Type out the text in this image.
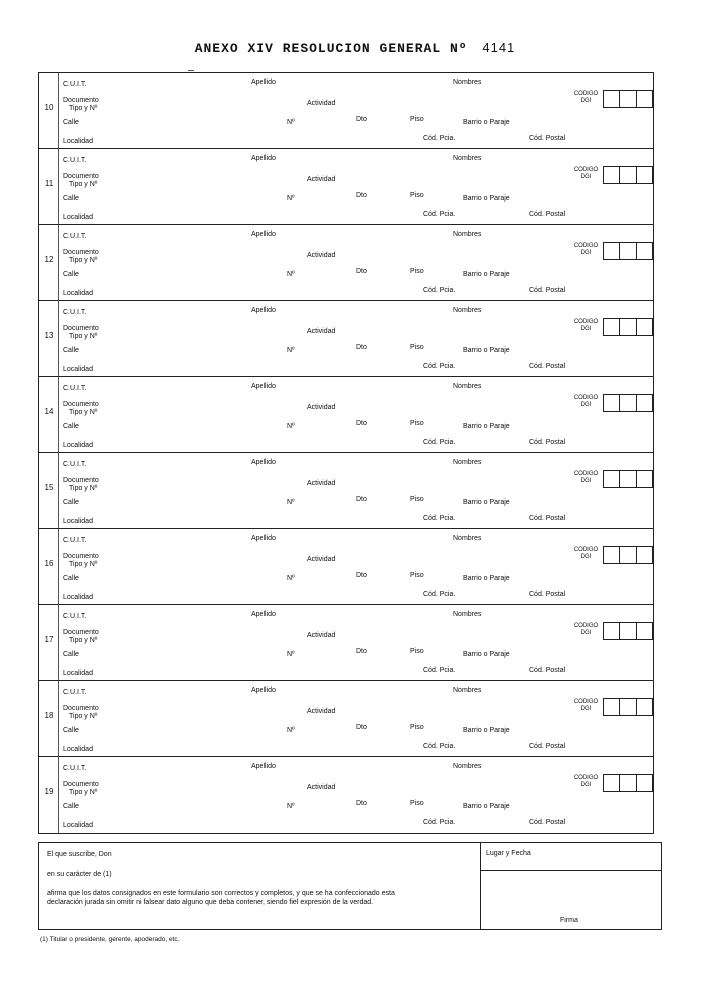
ANEXO XIV RESOLUCION GENERAL Nº 4141
10
C.U.I.T.	Apellido	Nombres
Documento
Tipo y Nº
Actividad
Calle	Nº	Dto	Piso	Barrio o Paraje
Localidad	Cód. Pcia.	Cód. Postal
CODIGO
DGI
11
C.U.I.T.	Apellido	Nombres
Documento
Tipo y Nº
Actividad
Calle	Nº	Dto	Piso	Barrio o Paraje
Localidad	Cód. Pcia.	Cód. Postal
CODIGO
DGI
12
C.U.I.T.	Apellido	Nombres
Documento
Tipo y Nº
Actividad
Calle	Nº	Dto	Piso	Barrio o Paraje
Localidad	Cód. Pcia.	Cód. Postal
CODIGO
DGI
13
C.U.I.T.	Apellido	Nombres
Documento
Tipo y Nº
Actividad
Calle	Nº	Dto	Piso	Barrio o Paraje
Localidad	Cód. Pcia.	Cód. Postal
CODIGO
DGI
14
C.U.I.T.	Apellido	Nombres
Documento
Tipo y Nº
Actividad
Calle	Nº	Dto	Piso	Barrio o Paraje
Localidad	Cód. Pcia.	Cód. Postal
CODIGO
DGI
15
C.U.I.T.	Apellido	Nombres
Documento
Tipo y Nº
Actividad
Calle	Nº	Dto	Piso	Barrio o Paraje
Localidad	Cód. Pcia.	Cód. Postal
CODIGO
DGI
16
C.U.I.T.	Apellido	Nombres
Documento
Tipo y Nº
Actividad
Calle	Nº	Dto	Piso	Barrio o Paraje
Localidad	Cód. Pcia.	Cód. Postal
CODIGO
DGI
17
C.U.I.T.	Apellido	Nombres
Documento
Tipo y Nº
Actividad
Calle	Nº	Dto	Piso	Barrio o Paraje
Localidad	Cód. Pcia.	Cód. Postal
CODIGO
DGI
18
C.U.I.T.	Apellido	Nombres
Documento
Tipo y Nº
Actividad
Calle	Nº	Dto	Piso	Barrio o Paraje
Localidad	Cód. Pcia.	Cód. Postal
CODIGO
DGI
19
C.U.I.T.	Apellido	Nombres
Documento
Tipo y Nº
Actividad
Calle	Nº	Dto	Piso	Barrio o Paraje
Localidad	Cód. Pcia.	Cód. Postal
CODIGO
DGI
El que suscribe, Don
en su carácter de (1)
afirma que los datos consignados en este formulario son correctos y completos, y que se ha confeccionado esta
declaración jurada sin omitir ni falsear dato alguno que deba contener, siendo fiel expresión de la verdad.
Lugar y Fecha
Firma
(1) Titular o presidente, gerente, apoderado, etc.
